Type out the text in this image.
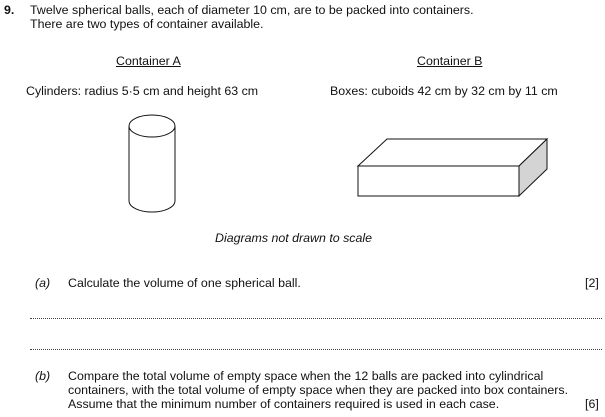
9. Twelve spherical balls, each of diameter 10 cm, are to be packed into containers.
There are two types of container available.
Container A	Container B
Cylinders: radius 5·5 cm and height 63 cm	Boxes: cuboids 42 cm by 32 cm by 11 cm
Diagrams not drawn to scale
(a) Calculate the volume of one spherical ball.	[2]
(b) Compare the total volume of empty space when the 12 balls are packed into cylindrical
containers, with the total volume of empty space when they are packed into box containers.
Assume that the minimum number of containers required is used in each case.	[6]
